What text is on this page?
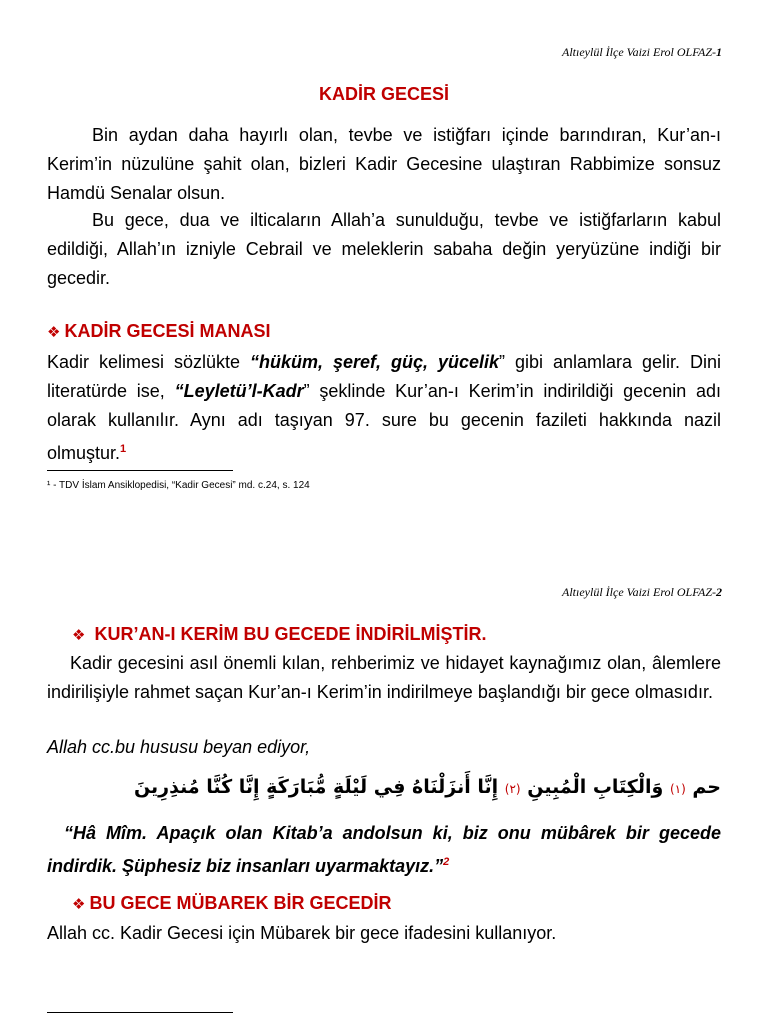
Altıeylül İlçe Vaizi Erol OLFAZ-1
KADİR GECESİ

Bin aydan daha hayırlı olan, tevbe ve istiğfarı içinde barındıran, Kur’an-ı Kerim’in nüzulüne şahit olan, bizleri Kadir Gecesine ulaştıran Rabbimize sonsuz Hamdü Senalar olsun.

Bu gece, dua ve ilticaların Allah’a sunulduğu, tevbe ve istiğfarların kabul edildiği, Allah’ın izniyle Cebrail ve meleklerin sabaha değin yeryüzüne indiği bir gecedir.

❖ KADİR GECESİ MANASI

Kadir kelimesi sözlükte “hüküm, şeref, güç, yücelik” gibi anlamlara gelir. Dini literatürde ise, “Leyletü’l-Kadr” şeklinde Kur’an-ı Kerim’in indirildiği gecenin adı olarak kullanılır. Aynı adı taşıyan 97. sure bu gecenin fazileti hakkında nazil olmuştur.$^1$

¹ - TDV İslam Ansiklopedisi, “Kadir Gecesi” md. c.24, s. 124
Altıeylül İlçe Vaizi Erol OLFAZ-2
❖ KUR’AN-I KERİM BU GECEDE İNDİRİLMİŞTİR.

Kadir gecesini asıl önemli kılan, rehberimiz ve hidayet kaynağımız olan, âlemlere indirilişiyle rahmet saçan Kur’an-ı Kerim’in indirilmeye başlandığı bir gece olmasıdır.

Allah cc.bu hususu beyan ediyor,
حم (١) وَالْكِتَابِ الْمُبِينِ (٢) إِنَّا أَنزَلْنَاهُ فِي لَيْلَةٍ مُّبَارَكَةٍ إِنَّا كُنَّا مُنذِرِينَ

“Hâ Mîm. Apaçık olan Kitab’a andolsun ki, biz onu mübârek bir gecede indirdik. Şüphesiz biz insanları uyarmaktayız.”$^2$

❖ BU GECE MÜBAREK BİR GECEDİR

Allah cc. Kadir Gecesi için Mübarek bir gece ifadesini kullanıyor.
